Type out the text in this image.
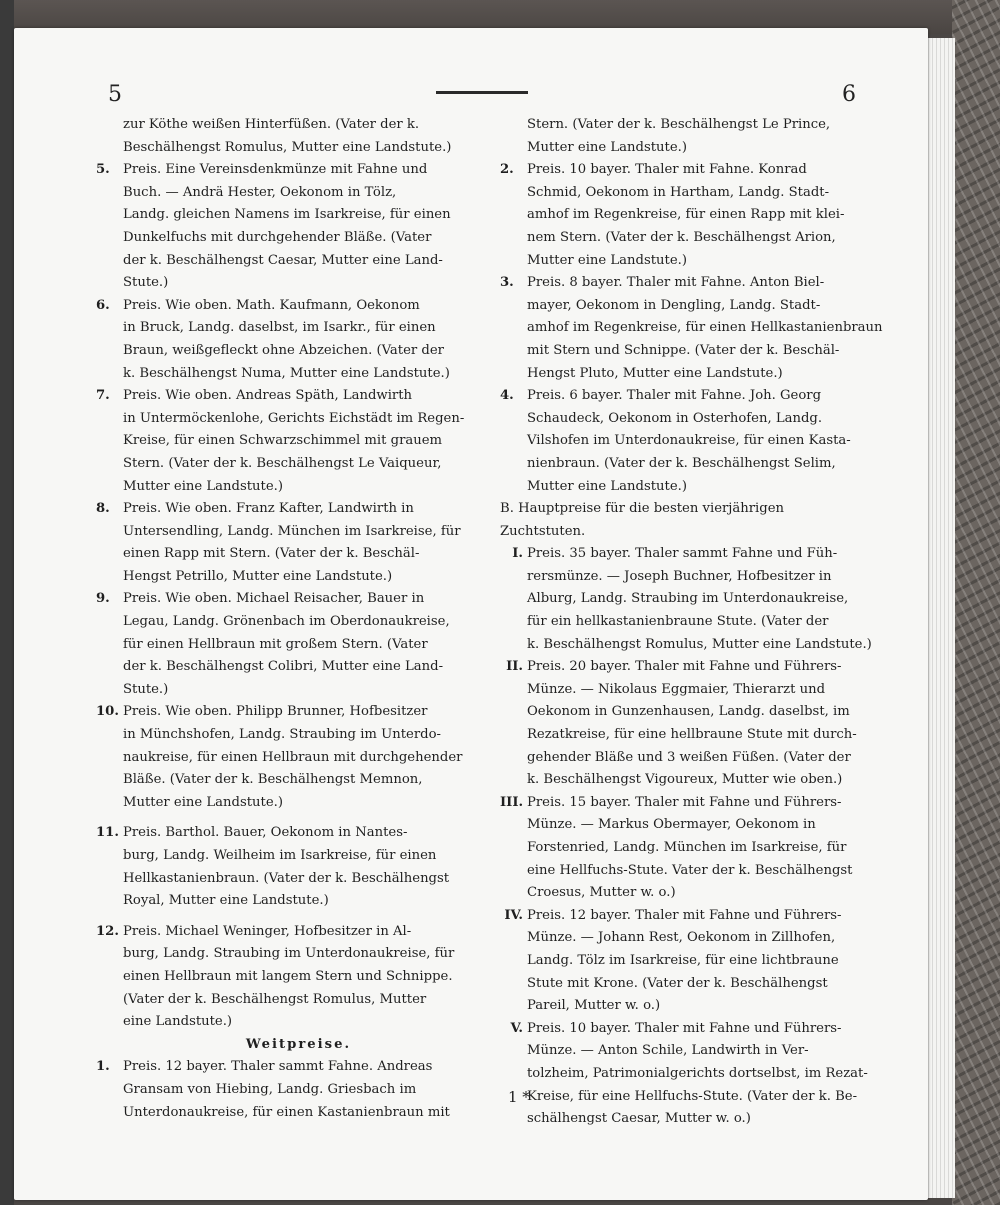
5	6
zur Köthe weißen Hinterfüßen. (Vater der k.
Beschälhengst Romulus, Mutter eine Landstute.)
5.	Preis. Eine Vereinsdenkmünze mit Fahne und
Buch. — Andrä Hester, Oekonom in Tölz,
Landg. gleichen Namens im Isarkreise, für einen
Dunkelfuchs mit durchgehender Bläße. (Vater
der k. Beschälhengst Caesar, Mutter eine Land-
Stute.)
6.	Preis. Wie oben. Math. Kaufmann, Oekonom
in Bruck, Landg. daselbst, im Isarkr., für einen
Braun, weißgefleckt ohne Abzeichen. (Vater der
k. Beschälhengst Numa, Mutter eine Landstute.)
7.	Preis. Wie oben. Andreas Späth, Landwirth
in Untermöckenlohe, Gerichts Eichstädt im Regen-
Kreise, für einen Schwarzschimmel mit grauem
Stern. (Vater der k. Beschälhengst Le Vaiqueur,
Mutter eine Landstute.)
8.	Preis. Wie oben. Franz Kafter, Landwirth in
Untersendling, Landg. München im Isarkreise, für
einen Rapp mit Stern. (Vater der k. Beschäl-
Hengst Petrillo, Mutter eine Landstute.)
9.	Preis. Wie oben. Michael Reisacher, Bauer in
Legau, Landg. Grönenbach im Oberdonaukreise,
für einen Hellbraun mit großem Stern. (Vater
der k. Beschälhengst Colibri, Mutter eine Land-
Stute.)
10. Preis. Wie oben. Philipp Brunner, Hofbesitzer
in Münchshofen, Landg. Straubing im Unterdo-
naukreise, für einen Hellbraun mit durchgehender
Bläße. (Vater der k. Beschälhengst Memnon,
Mutter eine Landstute.)
11. Preis. Barthol. Bauer, Oekonom in Nantes-
burg, Landg. Weilheim im Isarkreise, für einen
Hellkastanienbraun. (Vater der k. Beschälhengst
Royal, Mutter eine Landstute.)
12. Preis. Michael Weninger, Hofbesitzer in Al-
burg, Landg. Straubing im Unterdonaukreise, für
einen Hellbraun mit langem Stern und Schnippe.
(Vater der k. Beschälhengst Romulus, Mutter
eine Landstute.)
Weitpreise.
1.	Preis. 12 bayer. Thaler sammt Fahne. Andreas
Gransam von Hiebing, Landg. Griesbach im
Unterdonaukreise, für einen Kastanienbraun mit
Stern. (Vater der k. Beschälhengst Le Prince,
Mutter eine Landstute.)
2.	Preis. 10 bayer. Thaler mit Fahne. Konrad
Schmid, Oekonom in Hartham, Landg. Stadt-
amhof im Regenkreise, für einen Rapp mit klei-
nem Stern. (Vater der k. Beschälhengst Arion,
Mutter eine Landstute.)
3.	Preis. 8 bayer. Thaler mit Fahne. Anton Biel-
mayer, Oekonom in Dengling, Landg. Stadt-
amhof im Regenkreise, für einen Hellkastanienbraun
mit Stern und Schnippe. (Vater der k. Beschäl-
Hengst Pluto, Mutter eine Landstute.)
4.	Preis. 6 bayer. Thaler mit Fahne. Joh. Georg
Schaudeck, Oekonom in Osterhofen, Landg.
Vilshofen im Unterdonaukreise, für einen Kasta-
nienbraun. (Vater der k. Beschälhengst Selim,
Mutter eine Landstute.)
B. Hauptpreise für die besten vierjährigen
Zuchtstuten.
I. Preis. 35 bayer. Thaler sammt Fahne und Füh-
rersmünze. — Joseph Buchner, Hofbesitzer in
Alburg, Landg. Straubing im Unterdonaukreise,
für ein hellkastanienbraune Stute. (Vater der
k. Beschälhengst Romulus, Mutter eine Landstute.)
II. Preis. 20 bayer. Thaler mit Fahne und Führers-
Münze. — Nikolaus Eggmaier, Thierarzt und
Oekonom in Gunzenhausen, Landg. daselbst, im
Rezatkreise, für eine hellbraune Stute mit durch-
gehender Bläße und 3 weißen Füßen. (Vater der
k. Beschälhengst Vigoureux, Mutter wie oben.)
III. Preis. 15 bayer. Thaler mit Fahne und Führers-
Münze. — Markus Obermayer, Oekonom in
Forstenried, Landg. München im Isarkreise, für
eine Hellfuchs-Stute. Vater der k. Beschälhengst
Croesus, Mutter w. o.)
IV. Preis. 12 bayer. Thaler mit Fahne und Führers-
Münze. — Johann Rest, Oekonom in Zillhofen,
Landg. Tölz im Isarkreise, für eine lichtbraune
Stute mit Krone. (Vater der k. Beschälhengst
Pareil, Mutter w. o.)
V. Preis. 10 bayer. Thaler mit Fahne und Führers-
Münze. — Anton Schile, Landwirth in Ver-
tolzheim, Patrimonialgerichts dortselbst, im Rezat-
Kreise, für eine Hellfuchs-Stute. (Vater der k. Be-
schälhengst Caesar, Mutter w. o.)
1 *
